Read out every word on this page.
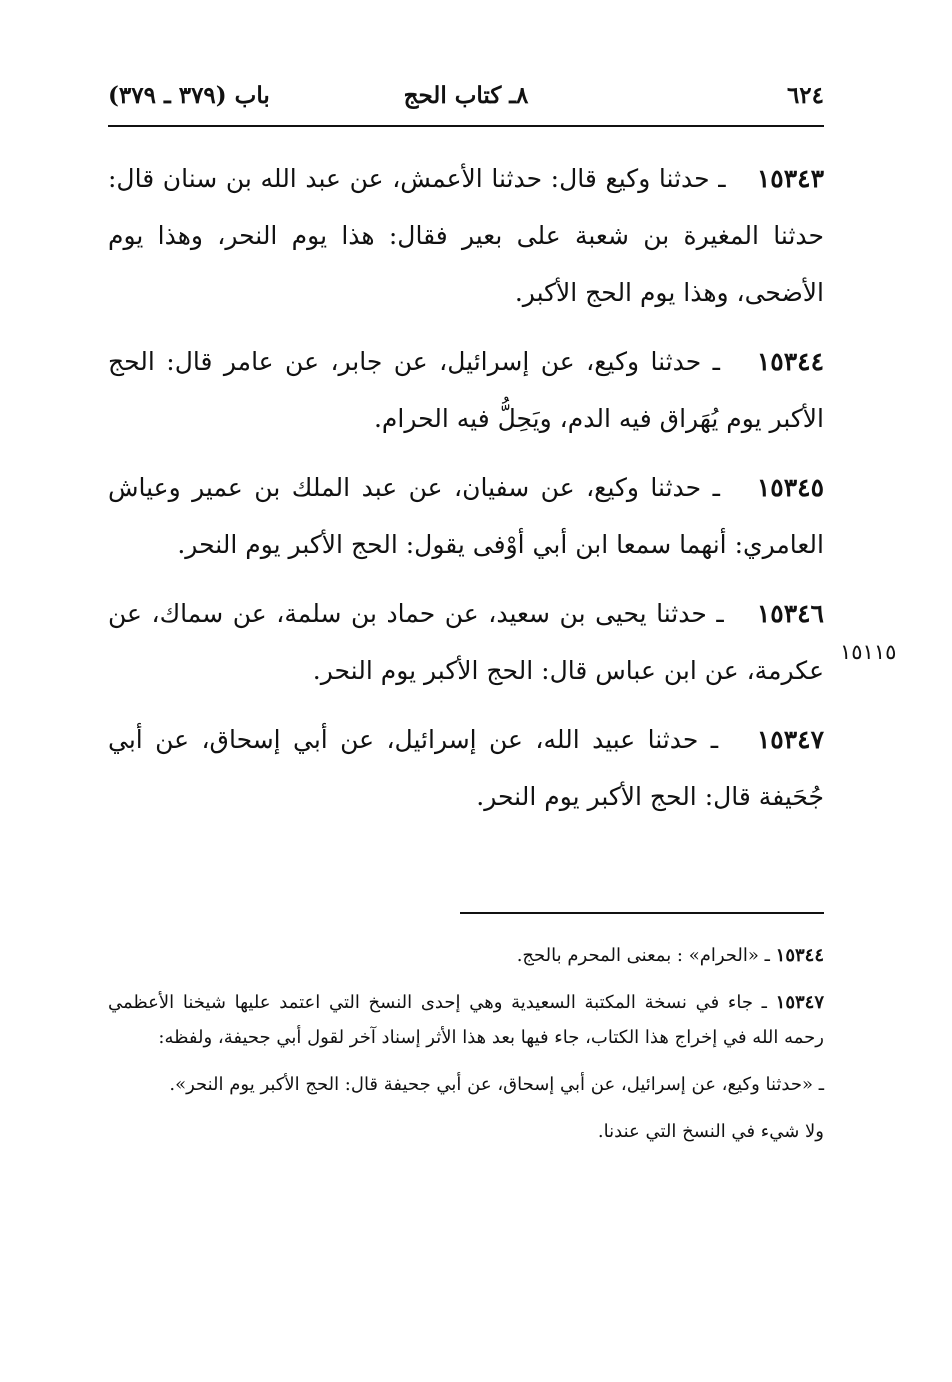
٦٢٤
٨ـ كتاب الحج
باب (٣٧٩ ـ ٣٧٩)

١٥٣٤٣  ـ حدثنا وكيع قال: حدثنا الأعمش، عن عبد الله بن سنان قال: حدثنا المغيرة بن شعبة على بعير فقال: هذا يوم النحر، وهذا يوم الأضحى، وهذا يوم الحج الأكبر.

١٥٣٤٤  ـ حدثنا وكيع، عن إسرائيل، عن جابر، عن عامر قال: الحج الأكبر يوم يُهَراق فيه الدم، ويَحِلُّ فيه الحرام.

١٥٣٤٥  ـ حدثنا وكيع، عن سفيان، عن عبد الملك بن عمير وعياش العامري: أنهما سمعا ابن أبي أوْفى يقول: الحج الأكبر يوم النحر.

١٥٣٤٦  ـ حدثنا يحيى بن سعيد، عن حماد بن سلمة، عن سماك، عن عكرمة، عن ابن عباس قال: الحج الأكبر يوم النحر.

١٥٣٤٧  ـ حدثنا عبيد الله، عن إسرائيل، عن أبي إسحاق، عن أبي جُحَيفة قال: الحج الأكبر يوم النحر.

١٥١١٥

١٥٣٤٤ ـ «الحرام» : بمعنى المحرم بالحج.

١٥٣٤٧ ـ جاء في نسخة المكتبة السعيدية وهي إحدى النسخ التي اعتمد عليها شيخنا الأعظمي رحمه الله في إخراج هذا الكتاب، جاء فيها بعد هذا الأثر إسناد آخر لقول أبي جحيفة، ولفظه:

ـ «حدثنا وكيع، عن إسرائيل، عن أبي إسحاق، عن أبي جحيفة قال: الحج الأكبر يوم النحر».

ولا شيء في النسخ التي عندنا.
